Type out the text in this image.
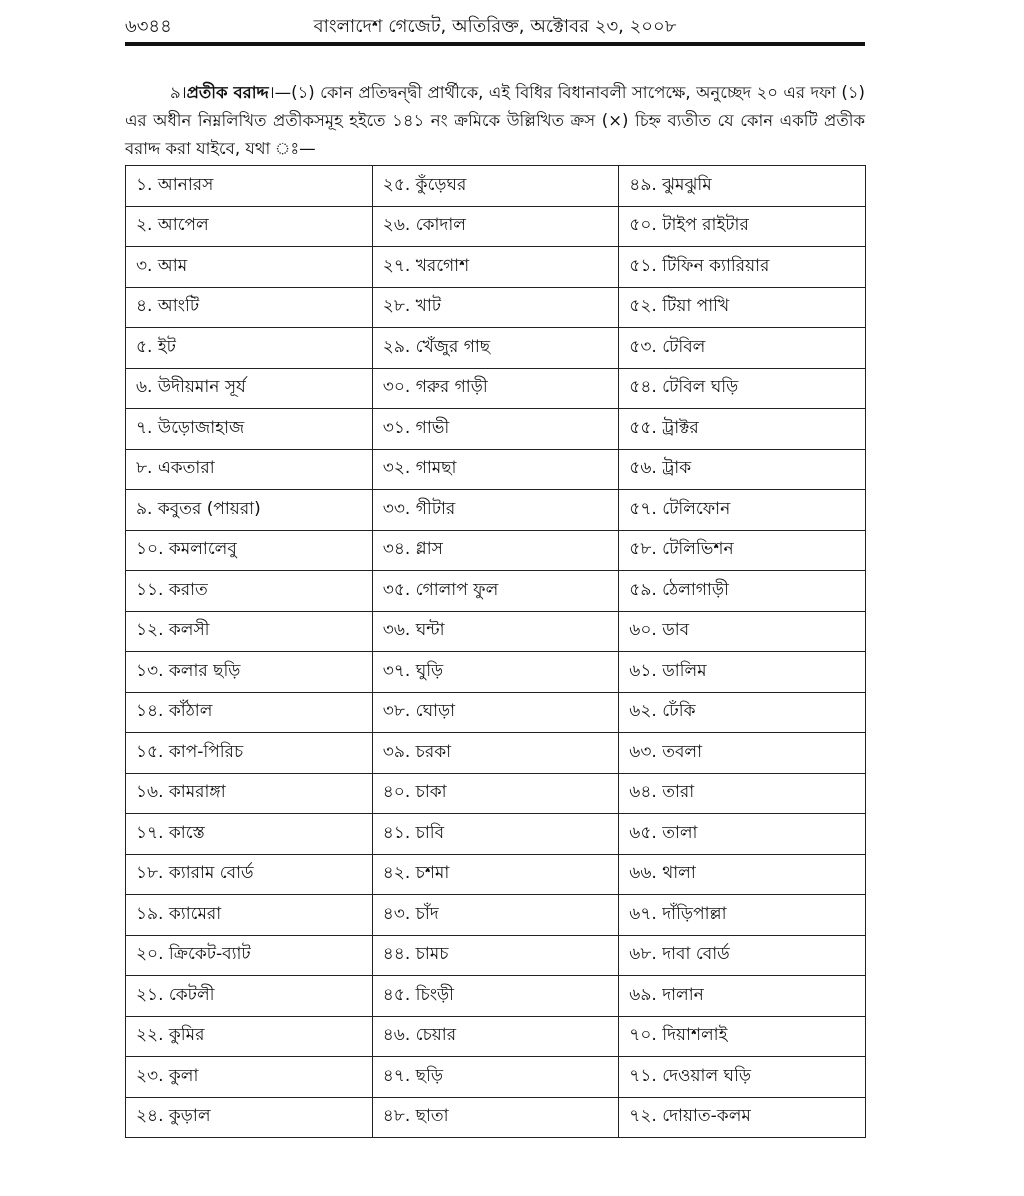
৬৩৪৪	বাংলাদেশ গেজেট, অতিরিক্ত, অক্টোবর ২৩, ২০০৮

৯।প্রতীক বরাদ্দ।—(১) কোন প্রতিদ্বন্দ্বী প্রার্থীকে, এই বিধির বিধানাবলী সাপেক্ষে, অনুচ্ছেদ ২০ এর দফা (১) এর অধীন নিম্নলিখিত প্রতীকসমূহ হইতে ১৪১ নং ক্রমিকে উল্লিখিত ক্রস (×) চিহ্ন ব্যতীত যে কোন একটি প্রতীক বরাদ্দ করা যাইবে, যথা ঃ—

১. আনারস	২৫. কুঁড়েঘর	৪৯. ঝুমঝুমি
২. আপেল	২৬. কোদাল	৫০. টাইপ রাইটার
৩. আম	২৭. খরগোশ	৫১. টিফিন ক্যারিয়ার
৪. আংটি	২৮. খাট	৫২. টিয়া পাখি
৫. ইট	২৯. খেঁজুর গাছ	৫৩. টেবিল
৬. উদীয়মান সূর্য	৩০. গরুর গাড়ী	৫৪. টেবিল ঘড়ি
৭. উড়োজাহাজ	৩১. গাভী	৫৫. ট্রাক্টর
৮. একতারা	৩২. গামছা	৫৬. ট্রাক
৯. কবুতর (পায়রা)	৩৩. গীটার	৫৭. টেলিফোন
১০. কমলালেবু	৩৪. গ্লাস	৫৮. টেলিভিশন
১১. করাত	৩৫. গোলাপ ফুল	৫৯. ঠেলাগাড়ী
১২. কলসী	৩৬. ঘন্টা	৬০. ডাব
১৩. কলার ছড়ি	৩৭. ঘুড়ি	৬১. ডালিম
১৪. কাঁঠাল	৩৮. ঘোড়া	৬২. ঢেঁকি
১৫. কাপ-পিরিচ	৩৯. চরকা	৬৩. তবলা
১৬. কামরাঙ্গা	৪০. চাকা	৬৪. তারা
১৭. কাস্তে	৪১. চাবি	৬৫. তালা
১৮. ক্যারাম বোর্ড	৪২. চশমা	৬৬. থালা
১৯. ক্যামেরা	৪৩. চাঁদ	৬৭. দাঁড়িপাল্লা
২০. ক্রিকেট-ব্যাট	৪৪. চামচ	৬৮. দাবা বোর্ড
২১. কেটলী	৪৫. চিংড়ী	৬৯. দালান
২২. কুমির	৪৬. চেয়ার	৭০. দিয়াশলাই
২৩. কুলা	৪৭. ছড়ি	৭১. দেওয়াল ঘড়ি
২৪. কুড়াল	৪৮. ছাতা	৭২. দোয়াত-কলম
